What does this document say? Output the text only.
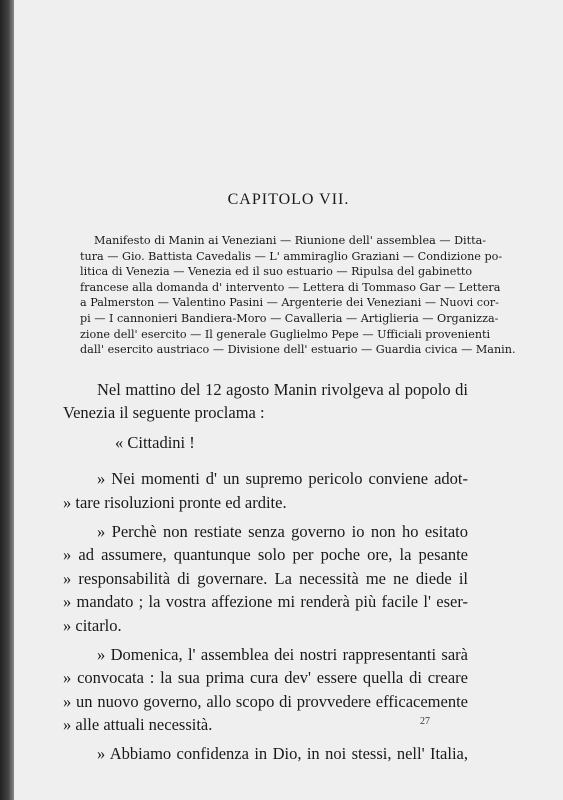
CAPITOLO VII.
Manifesto di Manin ai Veneziani — Riunione dell' assemblea — Ditta-
tura — Gio. Battista Cavedalis — L' ammiraglio Graziani — Condizione po-
litica di Venezia — Venezia ed il suo estuario — Ripulsa del gabinetto
francese alla domanda d' intervento — Lettera di Tommaso Gar — Lettera
a Palmerston — Valentino Pasini — Argenterie dei Veneziani — Nuovi cor-
pi — I cannonieri Bandiera-Moro — Cavalleria — Artiglieria — Organizza-
zione dell' esercito — Il generale Guglielmo Pepe — Ufficiali provenienti
dall' esercito austriaco — Divisione dell' estuario — Guardia civica — Manin.
Nel mattino del 12 agosto Manin rivolgeva al popolo di
Venezia il seguente proclama :
« Cittadini !
» Nei momenti d' un supremo pericolo conviene adot-
» tare risoluzioni pronte ed ardite.
» Perchè non restiate senza governo io non ho esitato
» ad assumere, quantunque solo per poche ore, la pesante
» responsabilità di governare. La necessità me ne diede il
» mandato ; la vostra affezione mi renderà più facile l' eser-
» citarlo.
» Domenica, l' assemblea dei nostri rappresentanti sarà
» convocata : la sua prima cura dev' essere quella di creare
» un nuovo governo, allo scopo di provvedere efficacemente
» alle attuali necessità.
» Abbiamo confidenza in Dio, in noi stessi, nell' Italia,
27
